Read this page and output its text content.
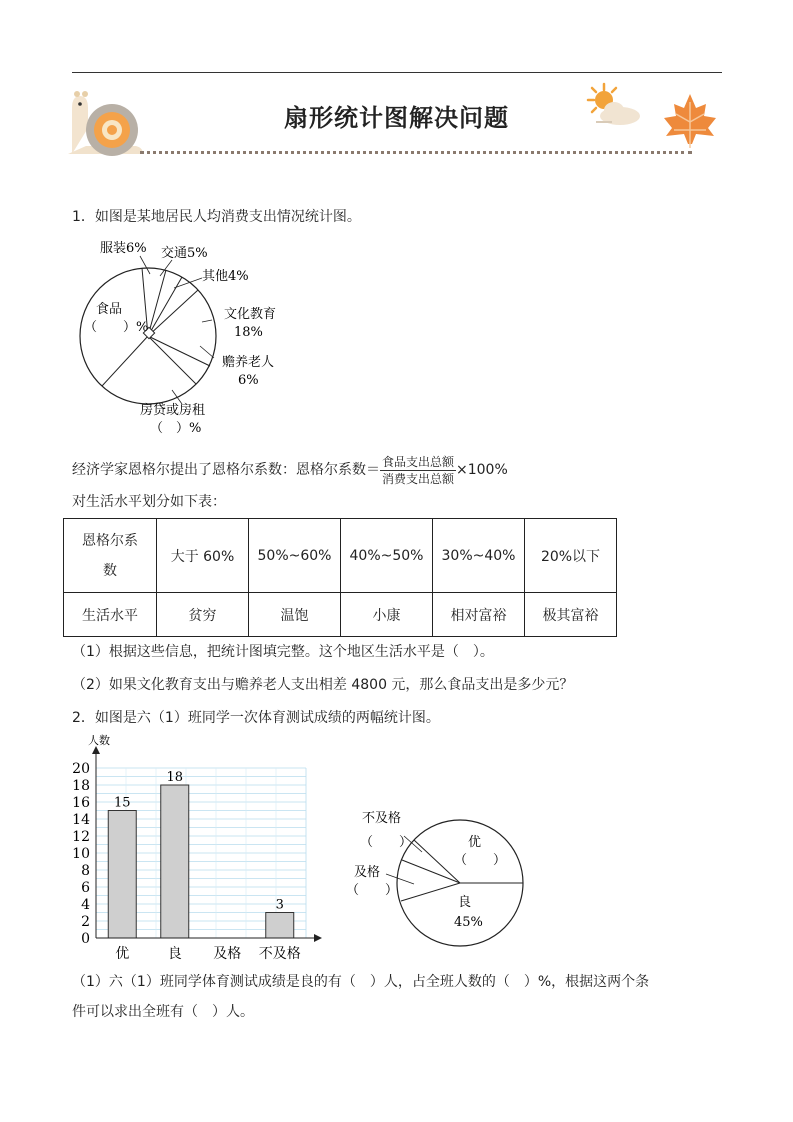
扇形统计图解决问题
1．如图是某地居民人均消费支出情况统计图。
服装6% 交通5%
其他4%
文化教育
18%
赡养老人
6%
食品
（　　）%
房贷或房租
（　）%
经济学家恩格尔提出了恩格尔系数：恩格尔系数＝ $\frac{\text{食品支出总额}}{\text{消费支出总额}} \times 100\%$
对生活水平划分如下表：
恩格尔系
数	大于 60%	50%~60%	40%~50%	30%~40%	20%以下
生活水平	贫穷	温饱	小康	相对富裕	极其富裕
（1）根据这些信息，把统计图填完整。这个地区生活水平是（　）。
（2）如果文化教育支出与赡养老人支出相差 4800 元，那么食品支出是多少元？
2．如图是六（1）班同学一次体育测试成绩的两幅统计图。
0
2
4
6
8
10
12
14
16
18
20
优	良 及格 不及格
15
18
3
人数
不及格
（　　）
及格
（　　）
优
（　　）
良
45%
（1）六（1）班同学体育测试成绩是良的有（　）人，占全班人数的（　）%，根据这两个条
件可以求出全班有（　）人。
